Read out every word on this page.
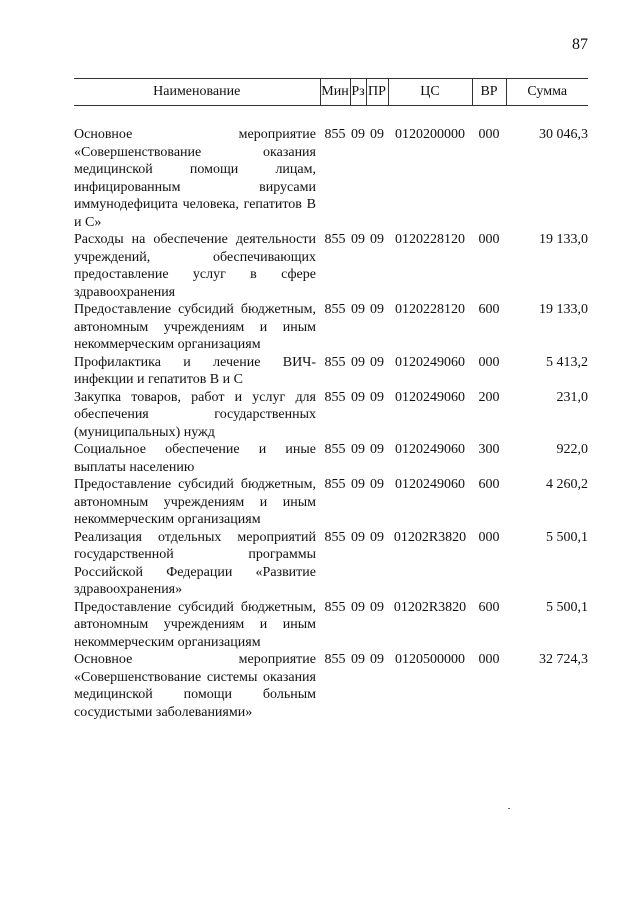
87
Наименование	Мин	Рз	ПР	ЦС	ВР	Сумма

Основное мероприятие «Совершенствование оказания медицинской помощи лицам, инфицированным вирусами иммунодефицита человека, гепатитов В и С»	855	09	09	0120200000	000	30 046,3
Расходы на обеспечение деятельности учреждений, обеспечивающих предоставление услуг в сфере здравоохранения	855	09	09	0120228120	000	19 133,0
Предоставление субсидий бюджетным, автономным учреждениям и иным некоммерческим организациям	855	09	09	0120228120	600	19 133,0
Профилактика и лечение ВИЧ-инфекции и гепатитов В и С	855	09	09	0120249060	000	5 413,2
Закупка товаров, работ и услуг для обеспечения государственных (муниципальных) нужд	855	09	09	0120249060	200	231,0
Социальное обеспечение и иные выплаты населению	855	09	09	0120249060	300	922,0
Предоставление субсидий бюджетным, автономным учреждениям и иным некоммерческим организациям	855	09	09	0120249060	600	4 260,2
Реализация отдельных мероприятий государственной программы Российской Федерации «Развитие здравоохранения»	855	09	09	01202R3820	000	5 500,1
Предоставление субсидий бюджетным, автономным учреждениям и иным некоммерческим организациям	855	09	09	01202R3820	600	5 500,1
Основное мероприятие «Совершенствование системы оказания медицинской помощи больным сосудистыми заболеваниями»	855	09	09	0120500000	000	32 724,3
